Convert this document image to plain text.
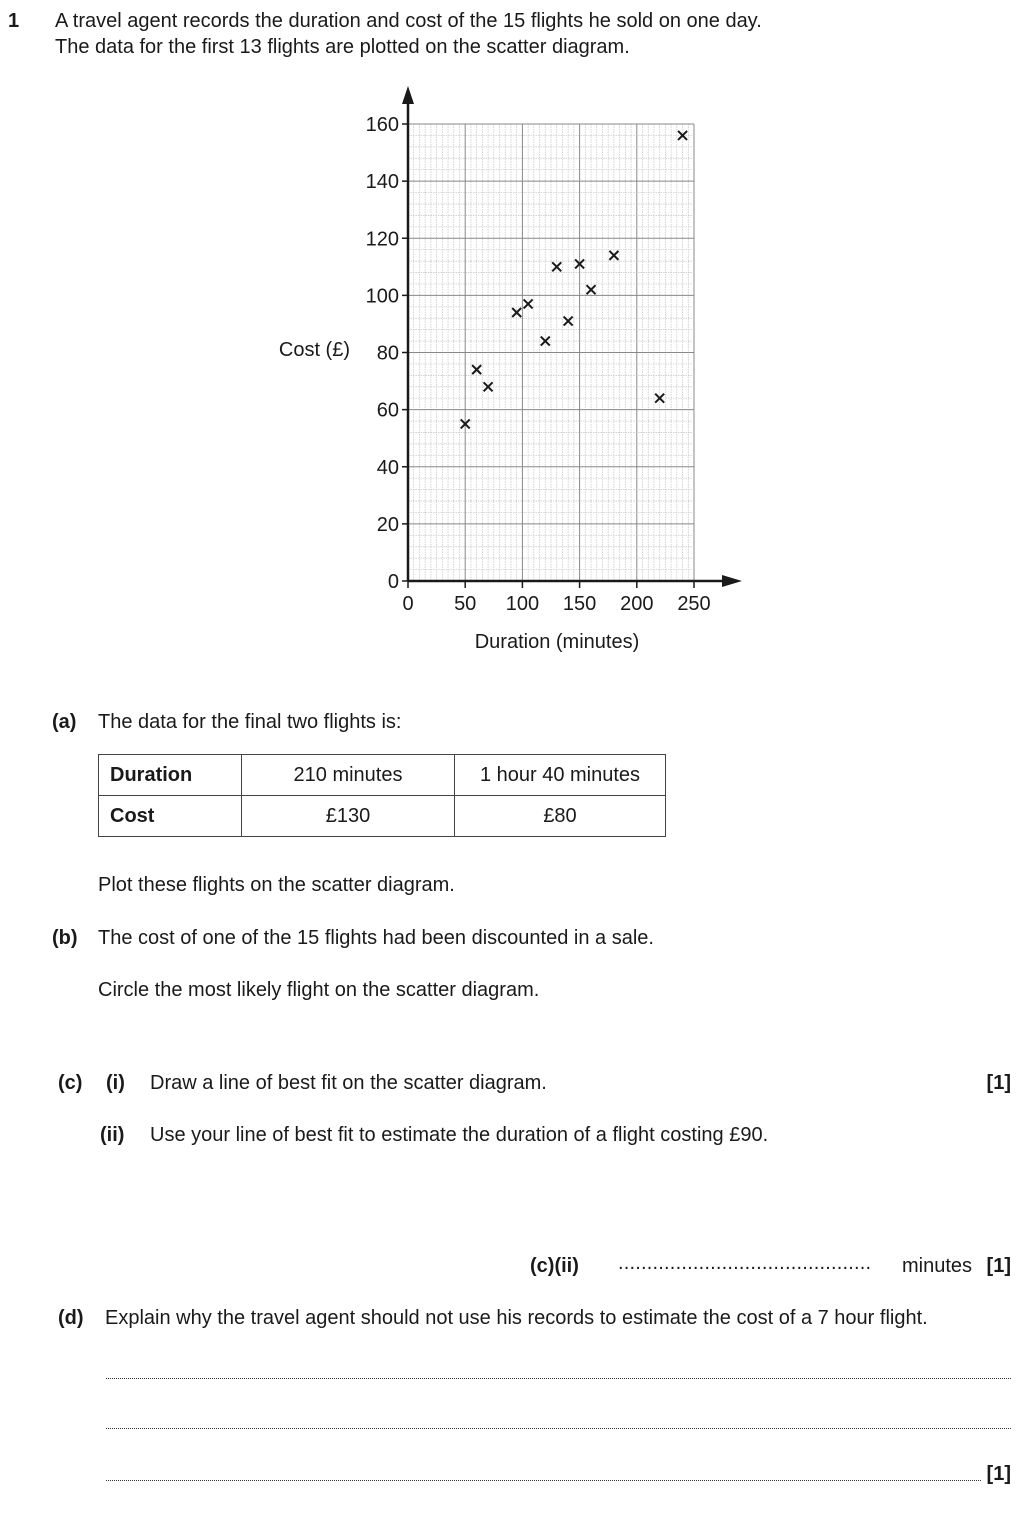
1 A travel agent records the duration and cost of the 15 flights he sold on one day.
The data for the first 13 flights are plotted on the scatter diagram.
0
20
40
60
80
100
120
140
160
0 50 100 150 200 250
Cost (£)
Duration (minutes)
(a) The data for the final two flights is:
Duration	210 minutes	1 hour 40 minutes
Cost	£130	£80
Plot these flights on the scatter diagram.
(b) The cost of one of the 15 flights had been discounted in a sale.
Circle the most likely flight on the scatter diagram.
(c) (i) Draw a line of best fit on the scatter diagram.	[1]
(ii) Use your line of best fit to estimate the duration of a flight costing £90.
(c)(ii) ............................................ minutes [1]
(d) Explain why the travel agent should not use his records to estimate the cost of a 7 hour flight.
[1]
